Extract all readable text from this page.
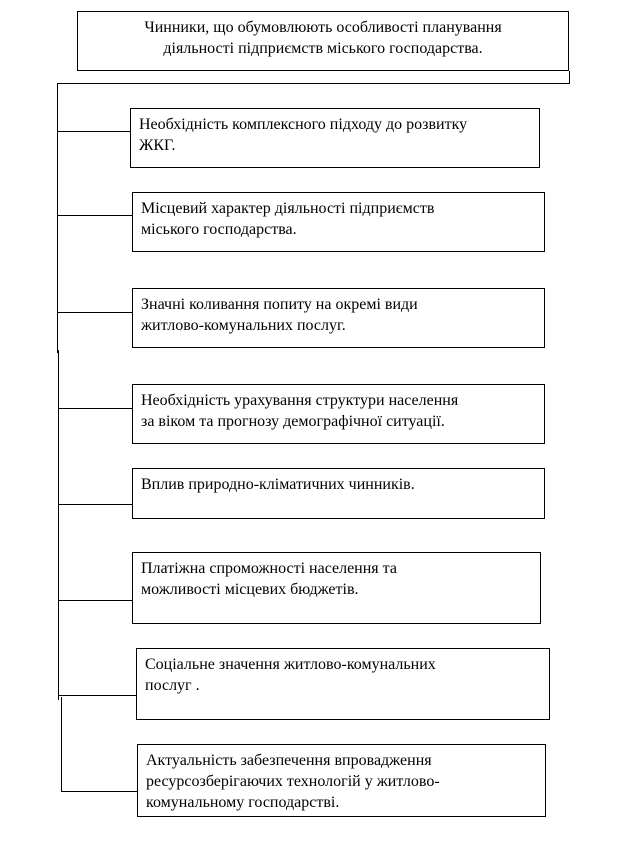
Чинники, що обумовлюють особливості планування
діяльності підприємств міського господарства.
Необхідність комплексного підходу до розвитку
ЖКГ.
Місцевий характер діяльності підприємств
міського господарства.
Значні коливання попиту на окремі види
житлово-комунальних послуг.
Необхідність урахування структури населення
за віком та прогнозу демографічної ситуації.
Вплив природно-кліматичних чинників.
Платіжна спроможності населення та
можливості місцевих бюджетів.
Соціальне значення житлово-комунальних
послуг .
Актуальність забезпечення впровадження
ресурсозберігаючих технологій у житлово-
комунальному господарстві.
